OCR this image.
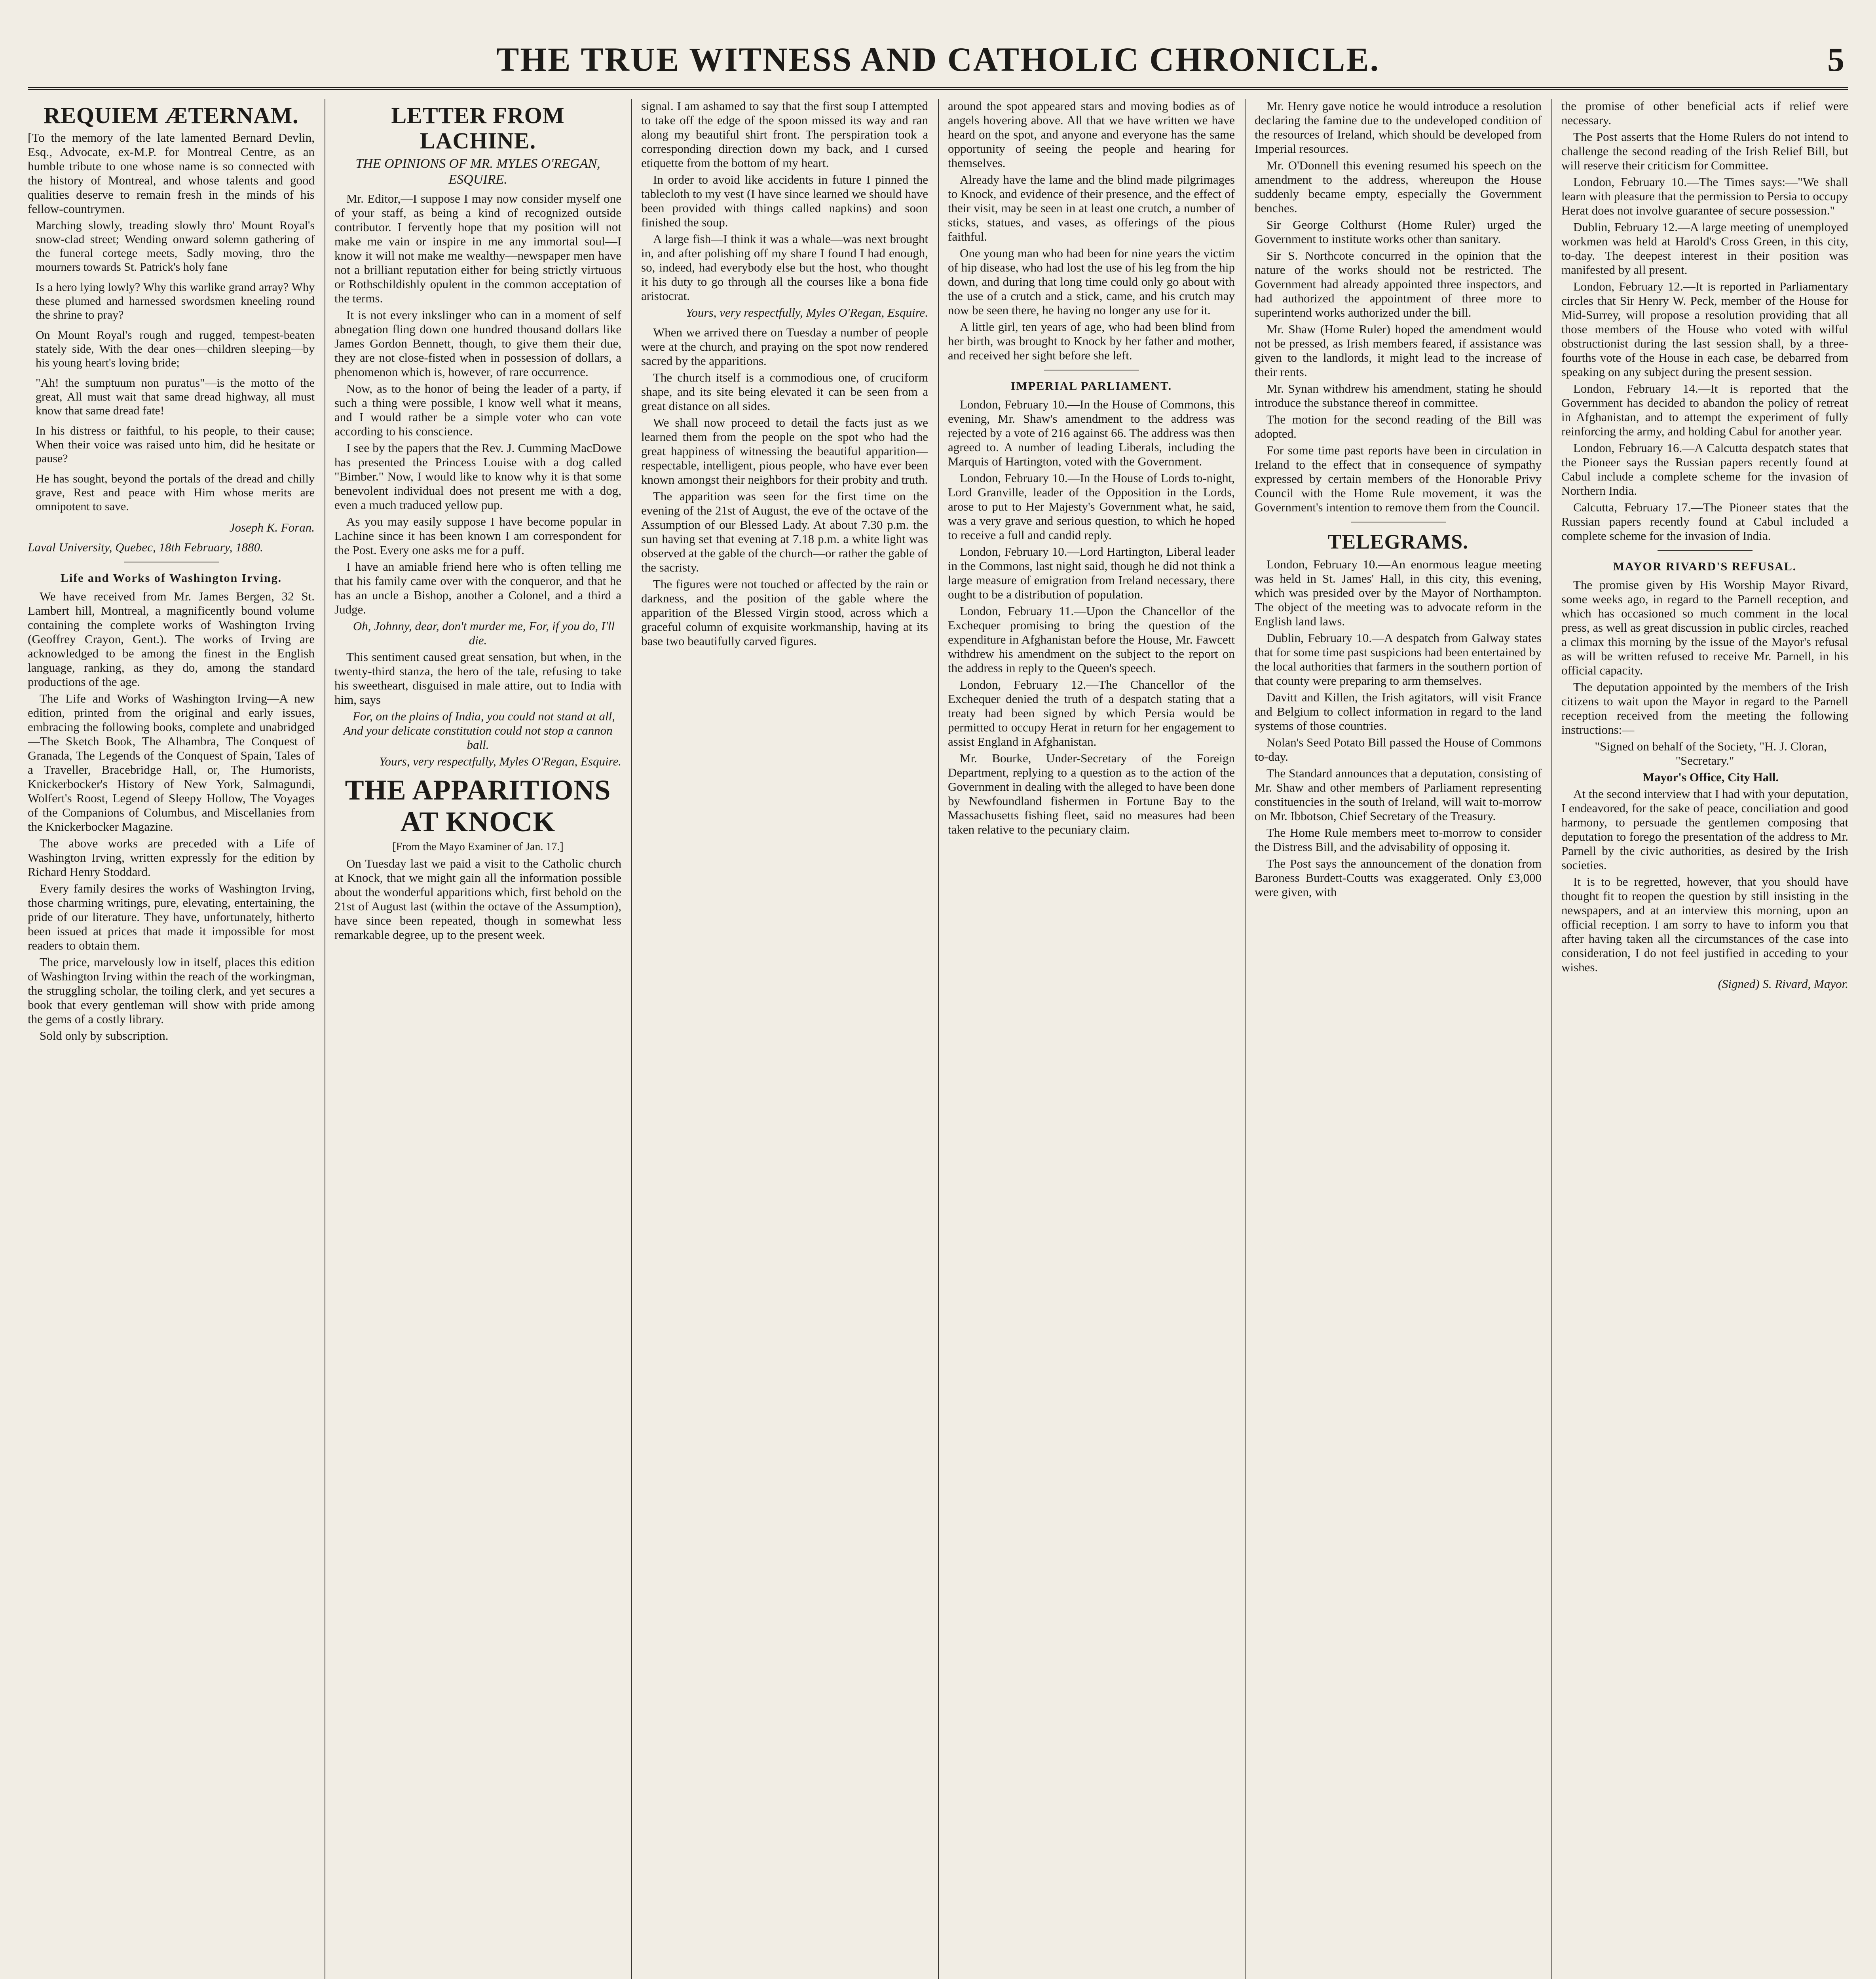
THE TRUE WITNESS AND CATHOLIC CHRONICLE.	5
REQUIEM ÆTERNAM.

[To the memory of the late lamented Bernard Devlin, Esq., Advocate, ex-M.P. for Montreal Centre, as an humble tribute to one whose name is so connected with the history of Montreal, and whose talents and good qualities deserve to remain fresh in the minds of his fellow-countrymen.

Marching slowly, treading slowly thro' Mount Royal's snow-clad street; Wending onward solemn gathering of the funeral cortege meets, Sadly moving, thro the mourners towards St. Patrick's holy fane

Is a hero lying lowly? Why this warlike grand array? Why these plumed and harnessed swordsmen kneeling round the shrine to pray?

On Mount Royal's rough and rugged, tempest-beaten stately side, With the dear ones—children sleeping—by his young heart's loving bride;

"Ah! the sumptuum non puratus"—is the motto of the great, All must wait that same dread highway, all must know that same dread fate!

In his distress or faithful, to his people, to their cause; When their voice was raised unto him, did he hesitate or pause?

He has sought, beyond the portals of the dread and chilly grave, Rest and peace with Him whose merits are omnipotent to save.

Joseph K. Foran.

Laval University, Quebec, 18th February, 1880.

Life and Works of Washington Irving.

We have received from Mr. James Bergen, 32 St. Lambert hill, Montreal, a magnificently bound volume containing the complete works of Washington Irving (Geoffrey Crayon, Gent.). The works of Irving are acknowledged to be among the finest in the English language, ranking, as they do, among the standard productions of the age.

The Life and Works of Washington Irving—A new edition, printed from the original and early issues, embracing the following books, complete and unabridged—The Sketch Book, The Alhambra, The Conquest of Granada, The Legends of the Conquest of Spain, Tales of a Traveller, Bracebridge Hall, or, The Humorists, Knickerbocker's History of New York, Salmagundi, Wolfert's Roost, Legend of Sleepy Hollow, The Voyages of the Companions of Columbus, and Miscellanies from the Knickerbocker Magazine.

The above works are preceded with a Life of Washington Irving, written expressly for the edition by Richard Henry Stoddard.

Every family desires the works of Washington Irving, those charming writings, pure, elevating, entertaining, the pride of our literature. They have, unfortunately, hitherto been issued at prices that made it impossible for most readers to obtain them.

The price, marvelously low in itself, places this edition of Washington Irving within the reach of the workingman, the struggling scholar, the toiling clerk, and yet secures a book that every gentleman will show with pride among the gems of a costly library.

Sold only by subscription.

LETTER FROM LACHINE.
THE OPINIONS OF MR. MYLES O'REGAN, ESQUIRE.

Mr. Editor,—I suppose I may now consider myself one of your staff, as being a kind of recognized outside contributor. I fervently hope that my position will not make me vain or inspire in me any immortal soul—I know it will not make me wealthy—newspaper men have not a brilliant reputation either for being strictly virtuous or Rothschildishly opulent in the common acceptation of the terms.

It is not every inkslinger who can in a moment of self abnegation fling down one hundred thousand dollars like James Gordon Bennett, though, to give them their due, they are not close-fisted when in possession of dollars, a phenomenon which is, however, of rare occurrence.

Now, as to the honor of being the leader of a party, if such a thing were possible, I know well what it means, and I would rather be a simple voter who can vote according to his conscience.

I see by the papers that the Rev. J. Cumming MacDowe has presented the Princess Louise with a dog called "Bimber." Now, I would like to know why it is that some benevolent individual does not present me with a dog, even a much traduced yellow pup.

As you may easily suppose I have become popular in Lachine since it has been known I am correspondent for the Post. Every one asks me for a puff.

I have an amiable friend here who is often telling me that his family came over with the conqueror, and that he has an uncle a Bishop, another a Colonel, and a third a Judge.

Oh, Johnny, dear, don't murder me, For, if you do, I'll die.

This sentiment caused great sensation, but when, in the twenty-third stanza, the hero of the tale, refusing to take his sweetheart, disguised in male attire, out to India with him, says

For, on the plains of India, you could not stand at all, And your delicate constitution could not stop a cannon ball.

Yours, very respectfully, Myles O'Regan, Esquire.
THE APPARITIONS AT KNOCK

[From the Mayo Examiner of Jan. 17.]

On Tuesday last we paid a visit to the Catholic church at Knock, that we might gain all the information possible about the wonderful apparitions which, first behold on the 21st of August last (within the octave of the Assumption), have since been repeated, though in somewhat less remarkable degree, up to the present week.

signal. I am ashamed to say that the first soup I attempted to take off the edge of the spoon missed its way and ran along my beautiful shirt front. The perspiration took a corresponding direction down my back, and I cursed etiquette from the bottom of my heart.

In order to avoid like accidents in future I pinned the tablecloth to my vest (I have since learned we should have been provided with things called napkins) and soon finished the soup.

A large fish—I think it was a whale—was next brought in, and after polishing off my share I found I had enough, so, indeed, had everybody else but the host, who thought it his duty to go through all the courses like a bona fide aristocrat.

Yours, very respectfully, Myles O'Regan, Esquire.

When we arrived there on Tuesday a number of people were at the church, and praying on the spot now rendered sacred by the apparitions.

The church itself is a commodious one, of cruciform shape, and its site being elevated it can be seen from a great distance on all sides.

We shall now proceed to detail the facts just as we learned them from the people on the spot who had the great happiness of witnessing the beautiful apparition—respectable, intelligent, pious people, who have ever been known amongst their neighbors for their probity and truth.

The apparition was seen for the first time on the evening of the 21st of August, the eve of the octave of the Assumption of our Blessed Lady. At about 7.30 p.m. the sun having set that evening at 7.18 p.m. a white light was observed at the gable of the church—or rather the gable of the sacristy.

The figures were not touched or affected by the rain or darkness, and the position of the gable where the apparition of the Blessed Virgin stood, across which a graceful column of exquisite workmanship, having at its base two beautifully carved figures.

around the spot appeared stars and moving bodies as of angels hovering above. All that we have written we have heard on the spot, and anyone and everyone has the same opportunity of seeing the people and hearing for themselves.

Already have the lame and the blind made pilgrimages to Knock, and evidence of their presence, and the effect of their visit, may be seen in at least one crutch, a number of sticks, statues, and vases, as offerings of the pious faithful.

One young man who had been for nine years the victim of hip disease, who had lost the use of his leg from the hip down, and during that long time could only go about with the use of a crutch and a stick, came, and his crutch may now be seen there, he having no longer any use for it.

A little girl, ten years of age, who had been blind from her birth, was brought to Knock by her father and mother, and received her sight before she left.

IMPERIAL PARLIAMENT.

London, February 10.—In the House of Commons, this evening, Mr. Shaw's amendment to the address was rejected by a vote of 216 against 66. The address was then agreed to. A number of leading Liberals, including the Marquis of Hartington, voted with the Government.

London, February 10.—In the House of Lords to-night, Lord Granville, leader of the Opposition in the Lords, arose to put to Her Majesty's Government what, he said, was a very grave and serious question, to which he hoped to receive a full and candid reply.

London, February 10.—Lord Hartington, Liberal leader in the Commons, last night said, though he did not think a large measure of emigration from Ireland necessary, there ought to be a distribution of population.

London, February 11.—Upon the Chancellor of the Exchequer promising to bring the question of the expenditure in Afghanistan before the House, Mr. Fawcett withdrew his amendment on the subject to the report on the address in reply to the Queen's speech.

London, February 12.—The Chancellor of the Exchequer denied the truth of a despatch stating that a treaty had been signed by which Persia would be permitted to occupy Herat in return for her engagement to assist England in Afghanistan.

Mr. Bourke, Under-Secretary of the Foreign Department, replying to a question as to the action of the Government in dealing with the alleged to have been done by Newfoundland fishermen in Fortune Bay to the Massachusetts fishing fleet, said no measures had been taken relative to the pecuniary claim.

Mr. Henry gave notice he would introduce a resolution declaring the famine due to the undeveloped condition of the resources of Ireland, which should be developed from Imperial resources.

Mr. O'Donnell this evening resumed his speech on the amendment to the address, whereupon the House suddenly became empty, especially the Government benches.

Sir George Colthurst (Home Ruler) urged the Government to institute works other than sanitary.

Sir S. Northcote concurred in the opinion that the nature of the works should not be restricted. The Government had already appointed three inspectors, and had authorized the appointment of three more to superintend works authorized under the bill.

Mr. Shaw (Home Ruler) hoped the amendment would not be pressed, as Irish members feared, if assistance was given to the landlords, it might lead to the increase of their rents.

Mr. Synan withdrew his amendment, stating he should introduce the substance thereof in committee.

The motion for the second reading of the Bill was adopted.

For some time past reports have been in circulation in Ireland to the effect that in consequence of sympathy expressed by certain members of the Honorable Privy Council with the Home Rule movement, it was the Government's intention to remove them from the Council.

TELEGRAMS.

London, February 10.—An enormous league meeting was held in St. James' Hall, in this city, this evening, which was presided over by the Mayor of Northampton. The object of the meeting was to advocate reform in the English land laws.

Dublin, February 10.—A despatch from Galway states that for some time past suspicions had been entertained by the local authorities that farmers in the southern portion of that county were preparing to arm themselves.

Davitt and Killen, the Irish agitators, will visit France and Belgium to collect information in regard to the land systems of those countries.

Nolan's Seed Potato Bill passed the House of Commons to-day.

The Standard announces that a deputation, consisting of Mr. Shaw and other members of Parliament representing constituencies in the south of Ireland, will wait to-morrow on Mr. Ibbotson, Chief Secretary of the Treasury.

The Home Rule members meet to-morrow to consider the Distress Bill, and the advisability of opposing it.

The Post says the announcement of the donation from Baroness Burdett-Coutts was exaggerated. Only £3,000 were given, with

the promise of other beneficial acts if relief were necessary.

The Post asserts that the Home Rulers do not intend to challenge the second reading of the Irish Relief Bill, but will reserve their criticism for Committee.

London, February 10.—The Times says:—"We shall learn with pleasure that the permission to Persia to occupy Herat does not involve guarantee of secure possession."

Dublin, February 12.—A large meeting of unemployed workmen was held at Harold's Cross Green, in this city, to-day. The deepest interest in their position was manifested by all present.

London, February 12.—It is reported in Parliamentary circles that Sir Henry W. Peck, member of the House for Mid-Surrey, will propose a resolution providing that all those members of the House who voted with wilful obstructionist during the last session shall, by a three-fourths vote of the House in each case, be debarred from speaking on any subject during the present session.

London, February 14.—It is reported that the Government has decided to abandon the policy of retreat in Afghanistan, and to attempt the experiment of fully reinforcing the army, and holding Cabul for another year.

London, February 16.—A Calcutta despatch states that the Pioneer says the Russian papers recently found at Cabul include a complete scheme for the invasion of Northern India.

Calcutta, February 17.—The Pioneer states that the Russian papers recently found at Cabul included a complete scheme for the invasion of India.

MAYOR RIVARD'S REFUSAL.

The promise given by His Worship Mayor Rivard, some weeks ago, in regard to the Parnell reception, and which has occasioned so much comment in the local press, as well as great discussion in public circles, reached a climax this morning by the issue of the Mayor's refusal as will be written refused to receive Mr. Parnell, in his official capacity.

The deputation appointed by the members of the Irish citizens to wait upon the Mayor in regard to the Parnell reception received from the meeting the following instructions:—

"Signed on behalf of the Society, "H. J. Cloran, "Secretary."

Mayor's Office, City Hall.

At the second interview that I had with your deputation, I endeavored, for the sake of peace, conciliation and good harmony, to persuade the gentlemen composing that deputation to forego the presentation of the address to Mr. Parnell by the civic authorities, as desired by the Irish societies.

It is to be regretted, however, that you should have thought fit to reopen the question by still insisting in the newspapers, and at an interview this morning, upon an official reception. I am sorry to have to inform you that after having taken all the circumstances of the case into consideration, I do not feel justified in acceding to your wishes.

(Signed) S. Rivard, Mayor.
